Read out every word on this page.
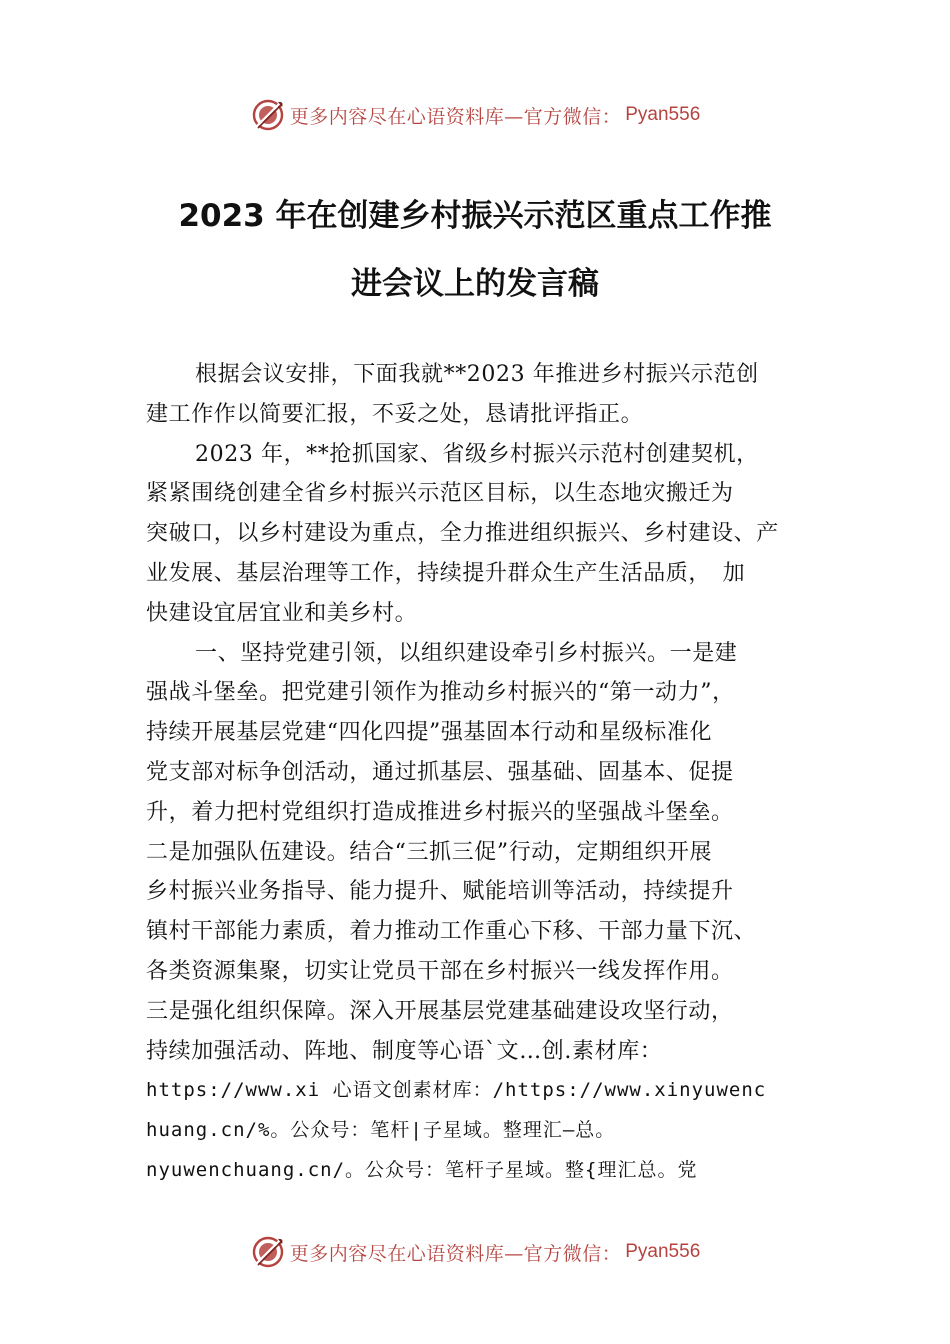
更多内容尽在心语资料库—官方微信： Pyan556
2023 年在创建乡村振兴示范区重点工作推
进会议上的发言稿
根据会议安排，下面我就**2023 年推进乡村振兴示范创
建工作作以简要汇报，不妥之处，恳请批评指正。
2023 年，**抢抓国家、省级乡村振兴示范村创建契机，
紧紧围绕创建全省乡村振兴示范区目标，以生态地灾搬迁为
突破口，以乡村建设为重点，全力推进组织振兴、乡村建设、产
业发展、基层治理等工作，持续提升群众生产生活品质，　加
快建设宜居宜业和美乡村。
一、坚持党建引领，以组织建设牵引乡村振兴。一是建
强战斗堡垒。把党建引领作为推动乡村振兴的“第一动力”，
持续开展基层党建“四化四提”强基固本行动和星级标准化
党支部对标争创活动，通过抓基层、强基础、固基本、促提
升，着力把村党组织打造成推进乡村振兴的坚强战斗堡垒。
二是加强队伍建设。结合“三抓三促”行动，定期组织开展
乡村振兴业务指导、能力提升、赋能培训等活动，持续提升
镇村干部能力素质，着力推动工作重心下移、干部力量下沉、
各类资源集聚，切实让党员干部在乡村振兴一线发挥作用。
三是强化组织保障。深入开展基层党建基础建设攻坚行动，
持续加强活动、阵地、制度等心语`文…创.素材库：
https://www.xi 心语文创素材库：/https://www.xinyuwenc
huang.cn/%。公众号：笔杆|子星域。整理汇—总。
nyuwenchuang.cn/。公众号：笔杆子星域。整{理汇总。党
更多内容尽在心语资料库—官方微信： Pyan556
